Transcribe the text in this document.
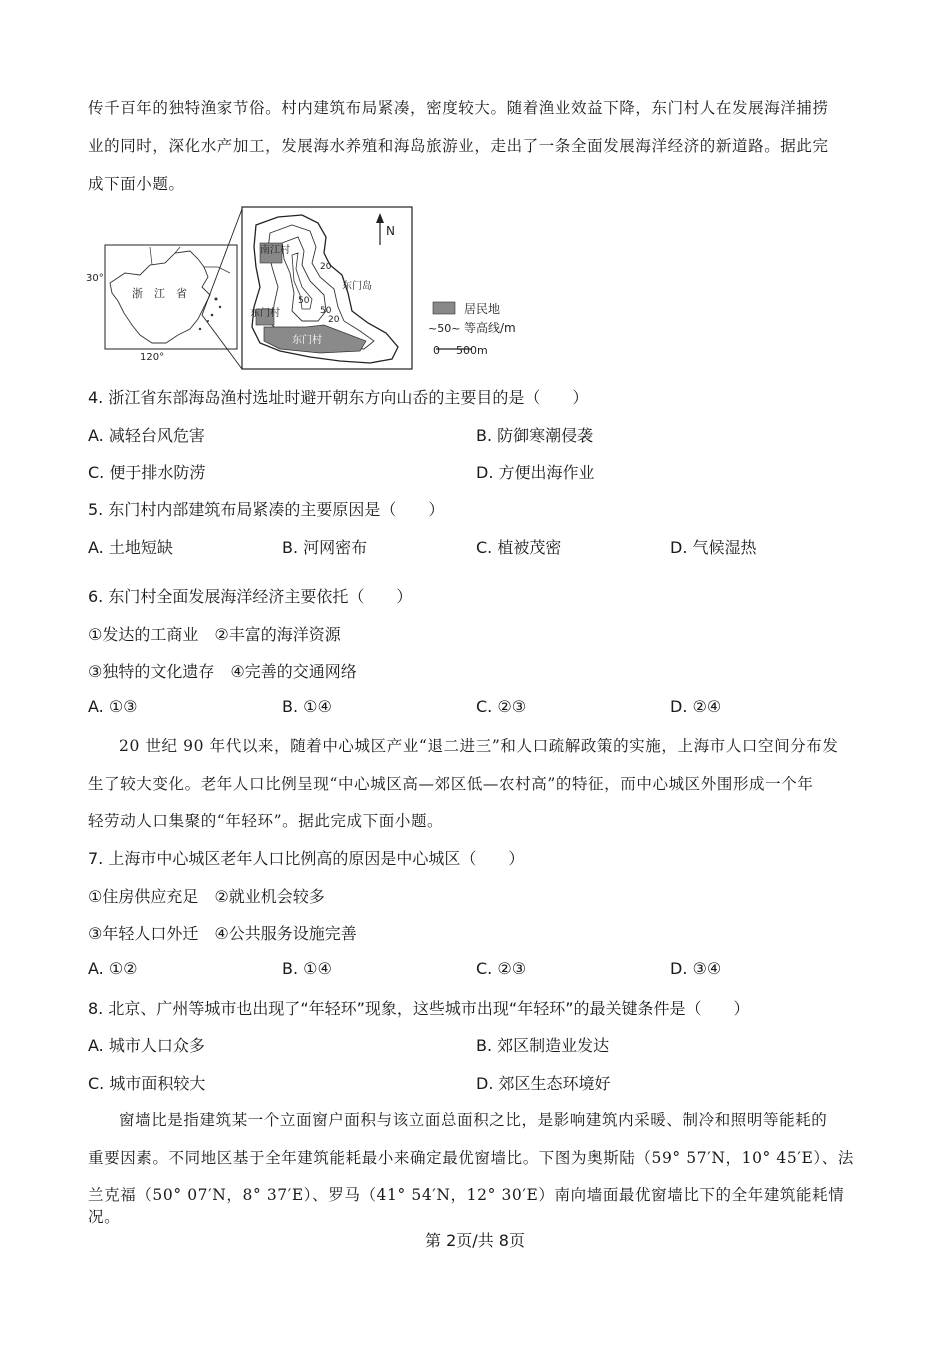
传千百年的独特渔家节俗。村内建筑布局紧凑，密度较大。随着渔业效益下降，东门村人在发展海洋捕捞
业的同时，深化水产加工，发展海水养殖和海岛旅游业，走出了一条全面发展海洋经济的新道路。据此完
成下面小题。
30°
120°
浙　江　省
南江村
东门岛
东门村
东门村
20
50
50
20
N
居民地
~50~ 等高线/m
0 500m
4. 浙江省东部海岛渔村选址时避开朝东方向山岙的主要目的是（　　）
A. 减轻台风危害	B. 防御寒潮侵袭
C. 便于排水防涝	D. 方便出海作业
5. 东门村内部建筑布局紧凑的主要原因是（　　）
A. 土地短缺	B. 河网密布	C. 植被茂密	D. 气候湿热
6. 东门村全面发展海洋经济主要依托（　　）
①发达的工商业　②丰富的海洋资源
③独特的文化遗存　④完善的交通网络
A. ①③	B. ①④	C. ②③	D. ②④
20 世纪 90 年代以来，随着中心城区产业“退二进三”和人口疏解政策的实施，上海市人口空间分布发
生了较大变化。老年人口比例呈现“中心城区高—郊区低—农村高”的特征，而中心城区外围形成一个年
轻劳动人口集聚的“年轻环”。据此完成下面小题。
7. 上海市中心城区老年人口比例高的原因是中心城区（　　）
①住房供应充足　②就业机会较多
③年轻人口外迁　④公共服务设施完善
A. ①②	B. ①④	C. ②③	D. ③④
8. 北京、广州等城市也出现了“年轻环”现象，这些城市出现“年轻环”的最关键条件是（　　）
A. 城市人口众多	B. 郊区制造业发达
C. 城市面积较大	D. 郊区生态环境好
窗墙比是指建筑某一个立面窗户面积与该立面总面积之比，是影响建筑内采暖、制冷和照明等能耗的
重要因素。不同地区基于全年建筑能耗最小来确定最优窗墙比。下图为奥斯陆（59° 57′N，10° 45′E）、法
兰克福（50° 07′N，8° 37′E）、罗马（41° 54′N，12° 30′E）南向墙面最优窗墙比下的全年建筑能耗情况。
第 2页/共 8页
